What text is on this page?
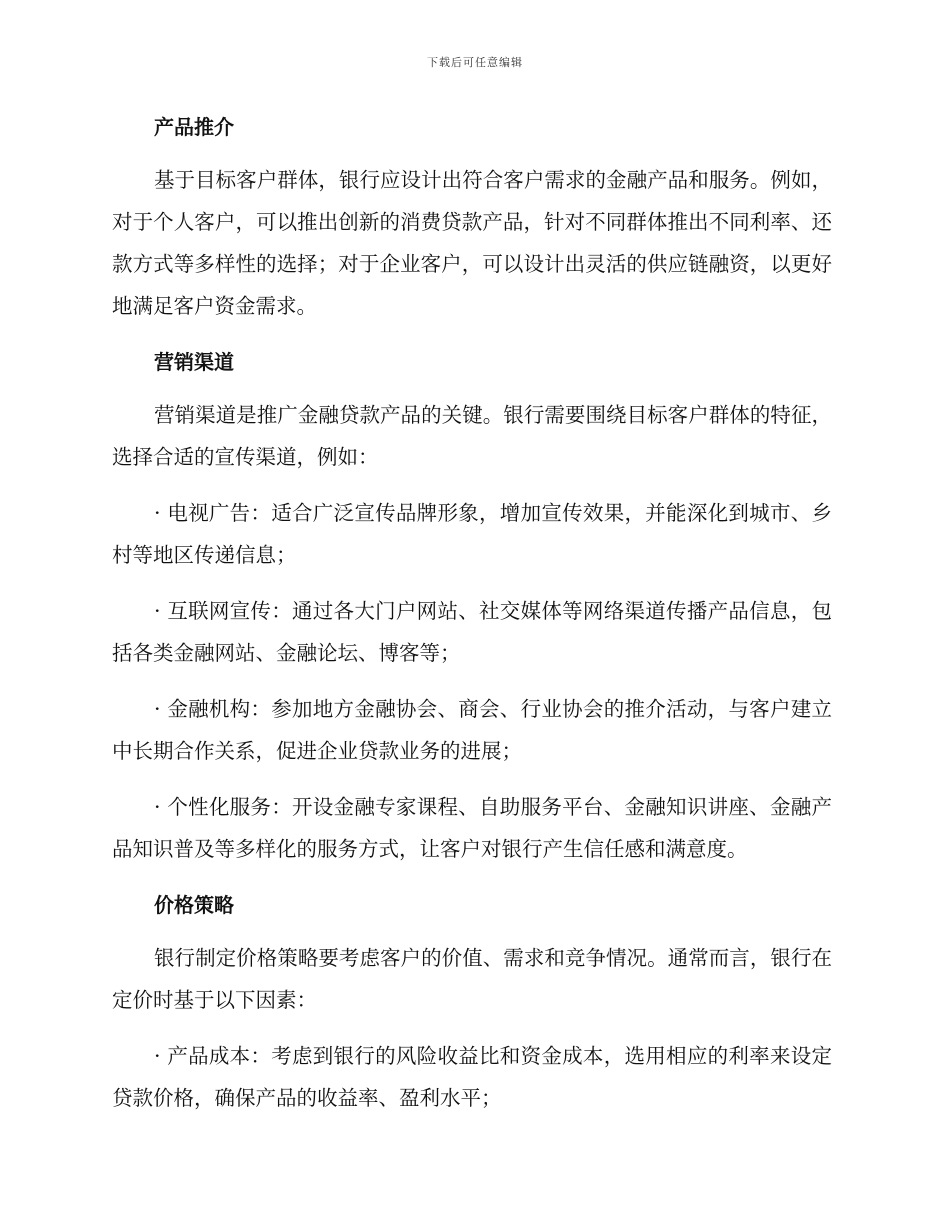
下载后可任意编辑
产品推介

基于目标客户群体，银行应设计出符合客户需求的金融产品和服务。例如，对于个人客户，可以推出创新的消费贷款产品，针对不同群体推出不同利率、还款方式等多样性的选择；对于企业客户，可以设计出灵活的供应链融资，以更好地满足客户资金需求。

营销渠道

营销渠道是推广金融贷款产品的关键。银行需要围绕目标客户群体的特征，选择合适的宣传渠道，例如：

· 电视广告：适合广泛宣传品牌形象，增加宣传效果，并能深化到城市、乡村等地区传递信息；

· 互联网宣传：通过各大门户网站、社交媒体等网络渠道传播产品信息，包括各类金融网站、金融论坛、博客等；

· 金融机构：参加地方金融协会、商会、行业协会的推介活动，与客户建立中长期合作关系，促进企业贷款业务的进展；

· 个性化服务：开设金融专家课程、自助服务平台、金融知识讲座、金融产品知识普及等多样化的服务方式，让客户对银行产生信任感和满意度。

价格策略

银行制定价格策略要考虑客户的价值、需求和竞争情况。通常而言，银行在定价时基于以下因素：

· 产品成本：考虑到银行的风险收益比和资金成本，选用相应的利率来设定贷款价格，确保产品的收益率、盈利水平；
